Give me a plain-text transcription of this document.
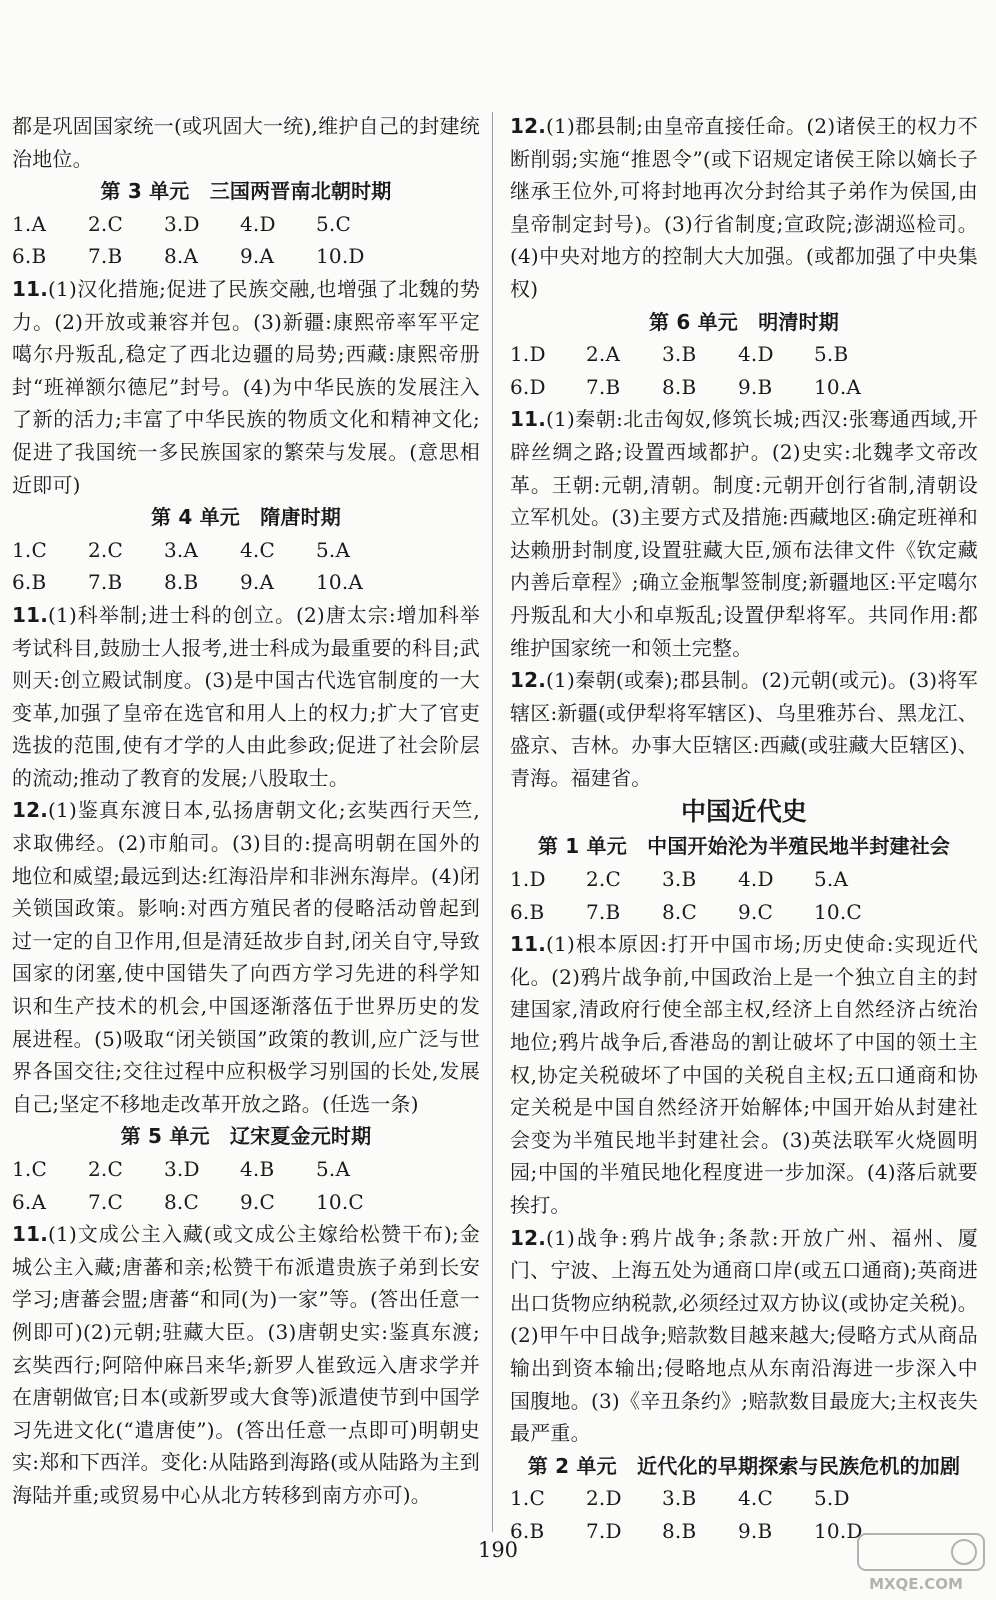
都是巩固国家统一(或巩固大一统),维护自己的封建统治地位。
第 3 单元　三国两晋南北朝时期
1.A 2.C 3.D 4.D 5.C
6.B 7.B 8.A 9.A 10.D
11.(1)汉化措施;促进了民族交融,也增强了北魏的势力。(2)开放或兼容并包。(3)新疆:康熙帝率军平定噶尔丹叛乱,稳定了西北边疆的局势;西藏:康熙帝册封“班禅额尔德尼”封号。(4)为中华民族的发展注入了新的活力;丰富了中华民族的物质文化和精神文化;促进了我国统一多民族国家的繁荣与发展。(意思相近即可)
第 4 单元　隋唐时期
1.C 2.C 3.A 4.C 5.A
6.B 7.B 8.B 9.A 10.A
11.(1)科举制;进士科的创立。(2)唐太宗:增加科举考试科目,鼓励士人报考,进士科成为最重要的科目;武则天:创立殿试制度。(3)是中国古代选官制度的一大变革,加强了皇帝在选官和用人上的权力;扩大了官吏选拔的范围,使有才学的人由此参政;促进了社会阶层的流动;推动了教育的发展;八股取士。
12.(1)鉴真东渡日本,弘扬唐朝文化;玄奘西行天竺,求取佛经。(2)市舶司。(3)目的:提高明朝在国外的地位和威望;最远到达:红海沿岸和非洲东海岸。(4)闭关锁国政策。影响:对西方殖民者的侵略活动曾起到过一定的自卫作用,但是清廷故步自封,闭关自守,导致国家的闭塞,使中国错失了向西方学习先进的科学知识和生产技术的机会,中国逐渐落伍于世界历史的发展进程。(5)吸取“闭关锁国”政策的教训,应广泛与世界各国交往;交往过程中应积极学习别国的长处,发展自己;坚定不移地走改革开放之路。(任选一条)
第 5 单元　辽宋夏金元时期
1.C 2.C 3.D 4.B 5.A
6.A 7.C 8.C 9.C 10.C
11.(1)文成公主入藏(或文成公主嫁给松赞干布);金城公主入藏;唐蕃和亲;松赞干布派遣贵族子弟到长安学习;唐蕃会盟;唐蕃“和同(为)一家”等。(答出任意一例即可)(2)元朝;驻藏大臣。(3)唐朝史实:鉴真东渡;玄奘西行;阿陪仲麻吕来华;新罗人崔致远入唐求学并在唐朝做官;日本(或新罗或大食等)派遣使节到中国学习先进文化(“遣唐使”)。(答出任意一点即可)明朝史实:郑和下西洋。变化:从陆路到海路(或从陆路为主到海陆并重;或贸易中心从北方转移到南方亦可)。
12.(1)郡县制;由皇帝直接任命。(2)诸侯王的权力不断削弱;实施“推恩令”(或下诏规定诸侯王除以嫡长子继承王位外,可将封地再次分封给其子弟作为侯国,由皇帝制定封号)。(3)行省制度;宣政院;澎湖巡检司。(4)中央对地方的控制大大加强。(或都加强了中央集权)
第 6 单元　明清时期
1.D 2.A 3.B 4.D 5.B
6.D 7.B 8.B 9.B 10.A
11.(1)秦朝:北击匈奴,修筑长城;西汉:张骞通西域,开辟丝绸之路;设置西域都护。(2)史实:北魏孝文帝改革。王朝:元朝,清朝。制度:元朝开创行省制,清朝设立军机处。(3)主要方式及措施:西藏地区:确定班禅和达赖册封制度,设置驻藏大臣,颁布法律文件《钦定藏内善后章程》;确立金瓶掣签制度;新疆地区:平定噶尔丹叛乱和大小和卓叛乱;设置伊犁将军。共同作用:都维护国家统一和领土完整。
12.(1)秦朝(或秦);郡县制。(2)元朝(或元)。(3)将军辖区:新疆(或伊犁将军辖区)、乌里雅苏台、黑龙江、盛京、吉林。办事大臣辖区:西藏(或驻藏大臣辖区)、青海。福建省。
中国近代史
第 1 单元　中国开始沦为半殖民地半封建社会
1.D 2.C 3.B 4.D 5.A
6.B 7.B 8.C 9.C 10.C
11.(1)根本原因:打开中国市场;历史使命:实现近代化。(2)鸦片战争前,中国政治上是一个独立自主的封建国家,清政府行使全部主权,经济上自然经济占统治地位;鸦片战争后,香港岛的割让破坏了中国的领土主权,协定关税破坏了中国的关税自主权;五口通商和协定关税是中国自然经济开始解体;中国开始从封建社会变为半殖民地半封建社会。(3)英法联军火烧圆明园;中国的半殖民地化程度进一步加深。(4)落后就要挨打。
12.(1)战争:鸦片战争;条款:开放广州、福州、厦门、宁波、上海五处为通商口岸(或五口通商);英商进出口货物应纳税款,必须经过双方协议(或协定关税)。(2)甲午中日战争;赔款数目越来越大;侵略方式从商品输出到资本输出;侵略地点从东南沿海进一步深入中国腹地。(3)《辛丑条约》;赔款数目最庞大;主权丧失最严重。
第 2 单元　近代化的早期探索与民族危机的加剧
1.C 2.D 3.B 4.C 5.D
6.B 7.D 8.B 9.B 10.D
190
MXQE.COM
